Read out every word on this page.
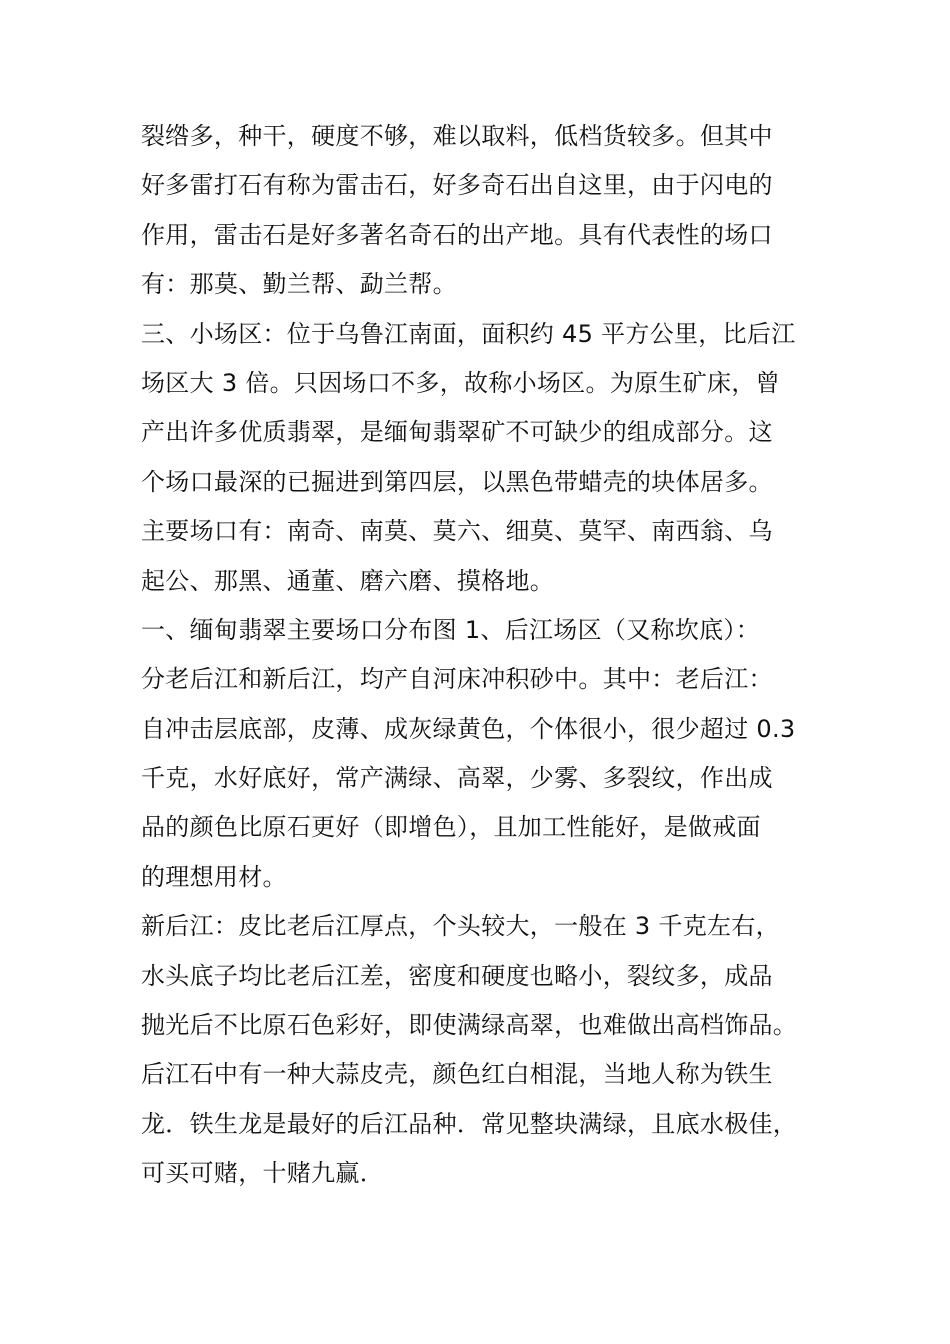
裂绺多，种干，硬度不够，难以取料，低档货较多。但其中
好多雷打石有称为雷击石，好多奇石出自这里，由于闪电的
作用，雷击石是好多著名奇石的出产地。具有代表性的场口
有：那莫、勤兰帮、勐兰帮。
三、小场区：位于乌鲁江南面，面积约 45 平方公里，比后江
场区大 3 倍。只因场口不多，故称小场区。为原生矿床，曾
产出许多优质翡翠，是缅甸翡翠矿不可缺少的组成部分。这
个场口最深的已掘进到第四层，以黑色带蜡壳的块体居多。
主要场口有：南奇、南莫、莫六、细莫、莫罕、南西翁、乌
起公、那黑、通董、磨六磨、摸格地。
一、缅甸翡翠主要场口分布图 1、后江场区（又称坎底）：
分老后江和新后江，均产自河床冲积砂中。其中：老后江：
自冲击层底部，皮薄、成灰绿黄色，个体很小，很少超过 0.3
千克，水好底好，常产满绿、高翠，少雾、多裂纹，作出成
品的颜色比原石更好（即增色），且加工性能好，是做戒面
的理想用材。
新后江：皮比老后江厚点，个头较大，一般在 3 千克左右，
水头底子均比老后江差，密度和硬度也略小，裂纹多，成品
抛光后不比原石色彩好，即使满绿高翠，也难做出高档饰品。
后江石中有一种大蒜皮壳，颜色红白相混，当地人称为铁生
龙．铁生龙是最好的后江品种．常见整块满绿，且底水极佳，
可买可赌，十赌九赢．
